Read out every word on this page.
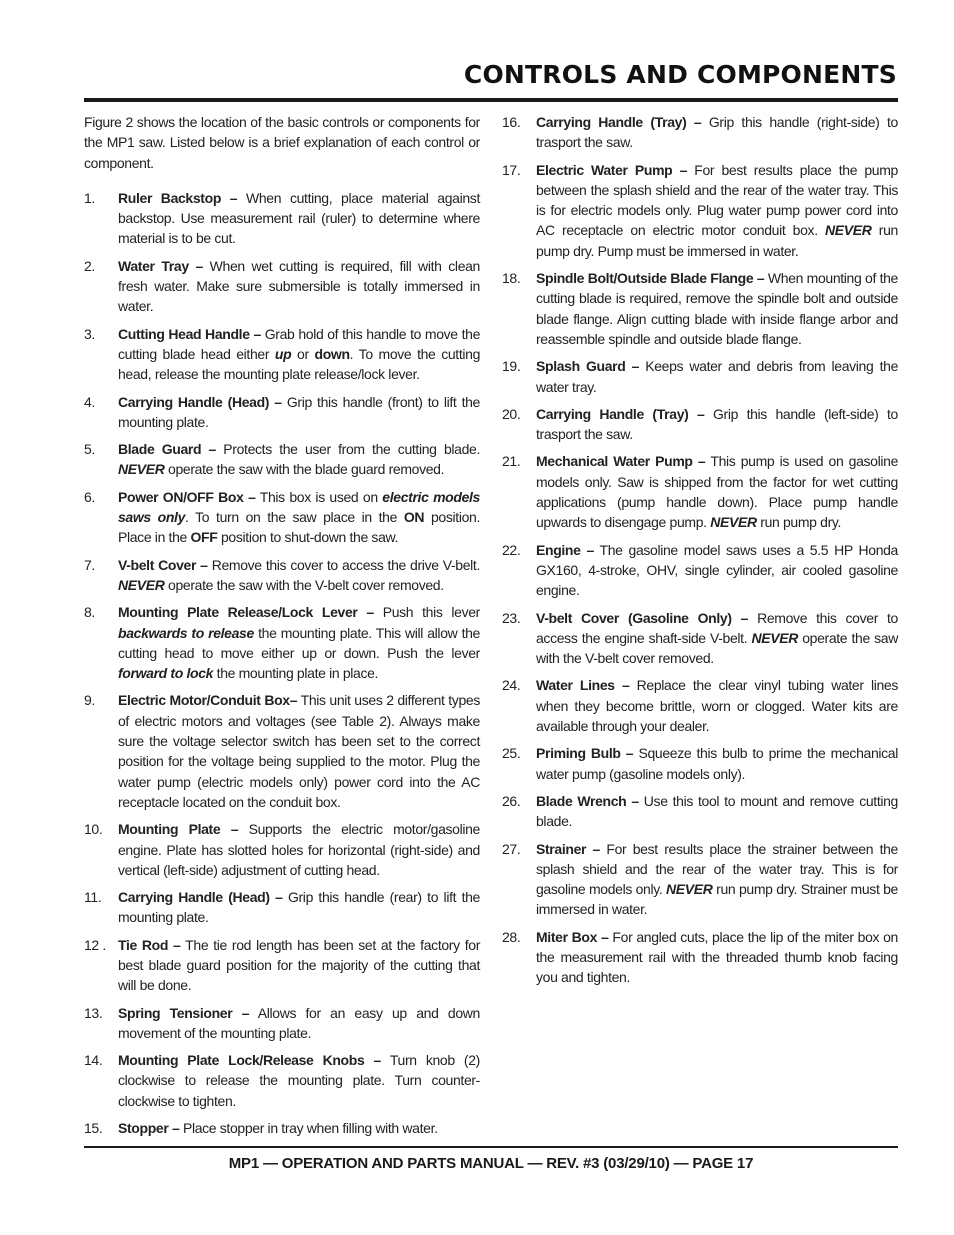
CONTROLS AND COMPONENTS

Figure 2 shows the location of the basic controls or components for the MP1 saw. Listed below is a brief explanation of each control or component.

1.	Ruler Backstop – When cutting, place material against backstop. Use measurement rail (ruler) to determine where material is to be cut.
2.	Water Tray – When wet cutting is required, fill with clean fresh water. Make sure submersible is totally immersed in water.
3.	Cutting Head Handle – Grab hold of this handle to move the cutting blade head either up or down. To move the cutting head, release the mounting plate release/lock lever.
4.	Carrying Handle (Head) – Grip this handle (front) to lift the mounting plate.
5.	Blade Guard – Protects the user from the cutting blade. NEVER operate the saw with the blade guard removed.
6.	Power ON/OFF Box – This box is used on electric models saws only. To turn on the saw place in the ON position. Place in the OFF position to shut-down the saw.
7.	V-belt Cover – Remove this cover to access the drive V-belt. NEVER operate the saw with the V-belt cover removed.
8.	Mounting Plate Release/Lock Lever – Push this lever backwards to release the mounting plate. This will allow the cutting head to move either up or down. Push the lever forward to lock the mounting plate in place.
9.	Electric Motor/Conduit Box– This unit uses 2 different types of electric motors and voltages (see Table 2). Always make sure the voltage selector switch has been set to the correct position for the voltage being supplied to the motor. Plug the water pump (electric models only) power cord into the AC receptacle located on the conduit box.
10.	Mounting Plate – Supports the electric motor/gasoline engine. Plate has slotted holes for horizontal (right-side) and vertical (left-side) adjustment of cutting head.
11.	Carrying Handle (Head) – Grip this handle (rear) to lift the mounting plate.
12 . Tie Rod – The tie rod length has been set at the factory for best blade guard position for the majority of the cutting that will be done.
13.	Spring Tensioner – Allows for an easy up and down movement of the mounting plate.
14.	Mounting Plate Lock/Release Knobs – Turn knob (2) clockwise to release the mounting plate. Turn counter-clockwise to tighten.
15.	Stopper – Place stopper in tray when filling with water.
16.	Carrying Handle (Tray) – Grip this handle (right-side) to trasport the saw.
17.	Electric Water Pump – For best results place the pump between the splash shield and the rear of the water tray. This is for electric models only. Plug water pump power cord into AC receptacle on electric motor conduit box. NEVER run pump dry. Pump must be immersed in water.
18.	Spindle Bolt/Outside Blade Flange – When mounting of the cutting blade is required, remove the spindle bolt and outside blade flange. Align cutting blade with inside flange arbor and reassemble spindle and outside blade flange.
19.	Splash Guard – Keeps water and debris from leaving the water tray.
20.	Carrying Handle (Tray) – Grip this handle (left-side) to trasport the saw.
21.	Mechanical Water Pump – This pump is used on gasoline models only. Saw is shipped from the factor for wet cutting applications (pump handle down). Place pump handle upwards to disengage pump. NEVER run pump dry.
22.	Engine – The gasoline model saws uses a 5.5 HP Honda GX160, 4-stroke, OHV, single cylinder, air cooled gasoline engine.
23.	V-belt Cover (Gasoline Only) – Remove this cover to access the engine shaft-side V-belt. NEVER operate the saw with the V-belt cover removed.
24.	Water Lines – Replace the clear vinyl tubing water lines when they become brittle, worn or clogged. Water kits are available through your dealer.
25.	Priming Bulb – Squeeze this bulb to prime the mechanical water pump (gasoline models only).
26.	Blade Wrench – Use this tool to mount and remove cutting blade.
27.	Strainer – For best results place the strainer between the splash shield and the rear of the water tray. This is for gasoline models only. NEVER run pump dry. Strainer must be immersed in water.
28.	Miter Box – For angled cuts, place the lip of the miter box on the measurement rail with the threaded thumb knob facing you and tighten.
MP1 — OPERATION AND PARTS MANUAL — REV. #3 (03/29/10) — PAGE 17
